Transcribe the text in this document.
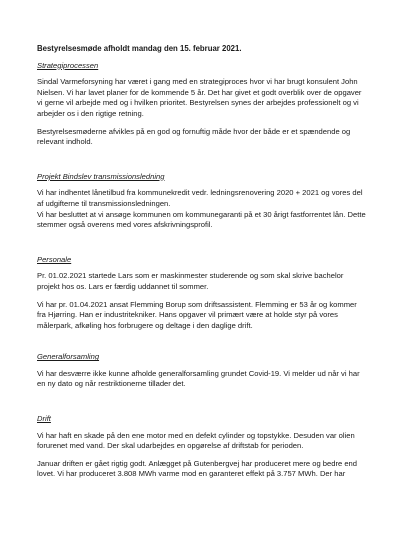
Bestyrelsesmøde afholdt mandag den 15. februar 2021.

Strategiprocessen

Sindal Varmeforsyning har været i gang med en strategiproces hvor vi har brugt konsulent John Nielsen. Vi har lavet planer for de kommende 5 år. Det har givet et godt overblik over de opgaver vi gerne vil arbejde med og i hvilken prioritet. Bestyrelsen synes der arbejdes professionelt og vi arbejder os i den rigtige retning.

Bestyrelsesmøderne afvikles på en god og fornuftig måde hvor der både er et spændende og relevant indhold.

Projekt Bindslev transmissionsledning

Vi har indhentet lånetilbud fra kommunekredit vedr. ledningsrenovering 2020 + 2021 og vores del af udgifterne til transmissionsledningen.
Vi har besluttet at vi ansøge kommunen om kommunegaranti på et 30 årigt fastforrentet lån. Dette stemmer også overens med vores afskrivningsprofil.

Personale

Pr. 01.02.2021 startede Lars som er maskinmester studerende og som skal skrive bachelor projekt hos os. Lars er færdig uddannet til sommer.

Vi har pr. 01.04.2021 ansat Flemming Borup som driftsassistent. Flemming er 53 år og kommer fra Hjørring. Han er industritekniker. Hans opgaver vil primært være at holde styr på vores målerpark, afkøling hos forbrugere og deltage i den daglige drift.

Generalforsamling

Vi har desværre ikke kunne afholde generalforsamling grundet Covid-19. Vi melder ud når vi har en ny dato og når restriktionerne tillader det.

Drift

Vi har haft en skade på den ene motor med en defekt cylinder og topstykke. Desuden var olien forurenet med vand. Der skal udarbejdes en opgørelse af driftstab for perioden.

Januar driften er gået rigtig godt. Anlægget på Gutenbergvej har produceret mere og bedre end lovet. Vi har produceret 3.808 MWh varme mod en garanteret effekt på 3.757 MWh. Der har
